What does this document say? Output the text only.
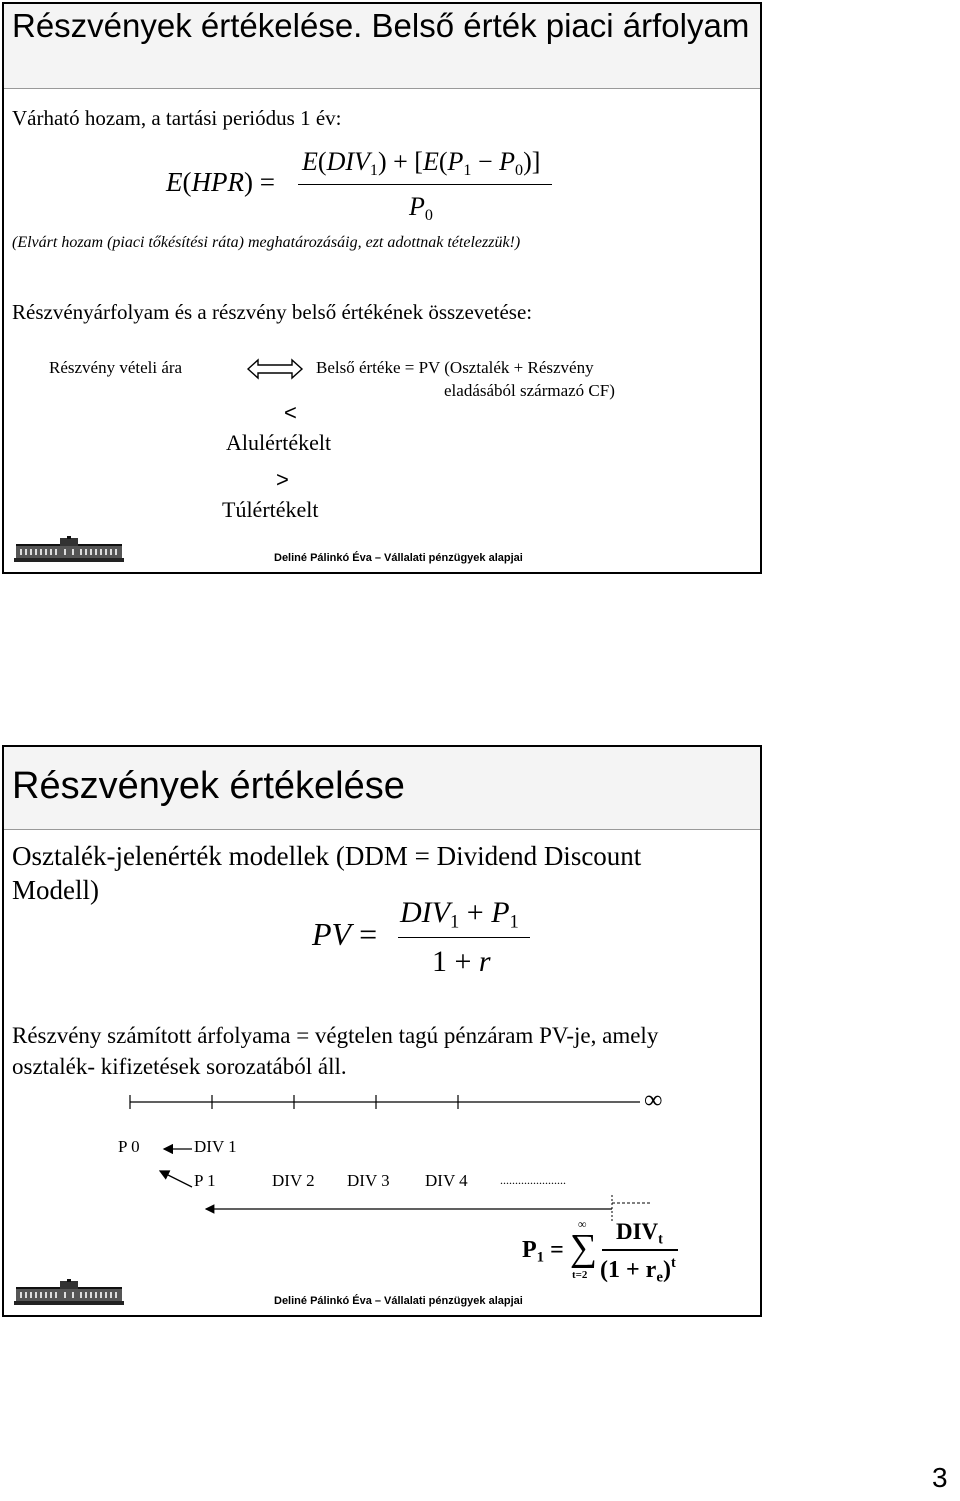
Részvények értékelése. Belső érték piaci árfolyam
Várható hozam, a tartási periódus 1 év:
E(HPR) =
$E(DIV_1) + [E(P_1 - P_0)]$
$P_0$
(Elvárt hozam (piaci tőkésítési ráta) meghatározásáig, ezt adottnak tételezzük!)
Részvényárfolyam és a részvény belső értékének összevetése:
Részvény vételi ára	Belső értéke = PV (Osztalék + Részvény
eladásából származó CF)
<
Alulértékelt
>
Túlértékelt
Deliné Pálinkó Éva – Vállalati pénzügyek alapjai
Részvények értékelése
Osztalék-jelenérték modellek (DDM = Dividend Discount
Modell)
PV =
$DIV_1 + P_1$
1 + r
Részvény számított árfolyama = végtelen tagú pénzáram PV-je, amely
osztalék- kifizetések sorozatából áll.
∞
P 0	DIV 1
P 1	DIV 2 DIV 3 DIV 4	......................
$P_1$ =
∞
∑
t=2
$DIV_t$
$(1 + r_e)^t$
Deliné Pálinkó Éva – Vállalati pénzügyek alapjai
3
